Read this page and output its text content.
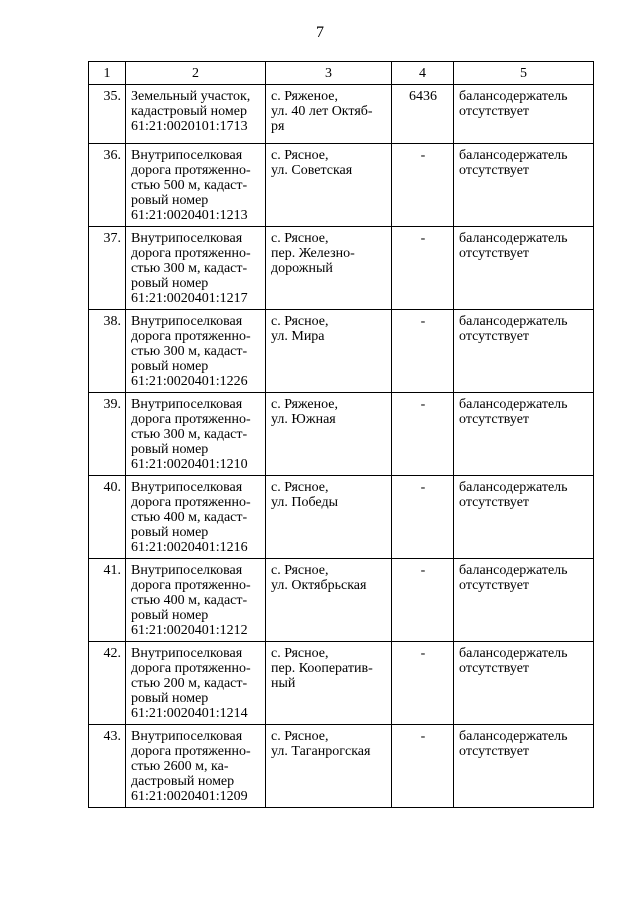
7
1	2	3	4	5
35.	Земельный участок,
кадастровый номер
61:21:0020101:1713	с. Ряженое,
ул. 40 лет Октяб-
ря	6436	балансодержатель
отсутствует
36.	Внутрипоселковая
дорога протяженно-
стью 500 м, кадаст-
ровый номер
61:21:0020401:1213	с. Рясное,
ул. Советская	-	балансодержатель
отсутствует
37.	Внутрипоселковая
дорога протяженно-
стью 300 м, кадаст-
ровый номер
61:21:0020401:1217	с. Рясное,
пер. Железно-
дорожный	-	балансодержатель
отсутствует
38.	Внутрипоселковая
дорога протяженно-
стью 300 м, кадаст-
ровый номер
61:21:0020401:1226	с. Рясное,
ул. Мира	-	балансодержатель
отсутствует
39.	Внутрипоселковая
дорога протяженно-
стью 300 м, кадаст-
ровый номер
61:21:0020401:1210	с. Ряженое,
ул. Южная	-	балансодержатель
отсутствует
40.	Внутрипоселковая
дорога протяженно-
стью 400 м, кадаст-
ровый номер
61:21:0020401:1216	с. Рясное,
ул. Победы	-	балансодержатель
отсутствует
41.	Внутрипоселковая
дорога протяженно-
стью 400 м, кадаст-
ровый номер
61:21:0020401:1212	с. Рясное,
ул. Октябрьская	-	балансодержатель
отсутствует
42.	Внутрипоселковая
дорога протяженно-
стью 200 м, кадаст-
ровый номер
61:21:0020401:1214	с. Рясное,
пер. Кооператив-
ный	-	балансодержатель
отсутствует
43.	Внутрипоселковая
дорога протяженно-
стью 2600 м, ка-
дастровый номер
61:21:0020401:1209	с. Рясное,
ул. Таганрогская	-	балансодержатель
отсутствует
